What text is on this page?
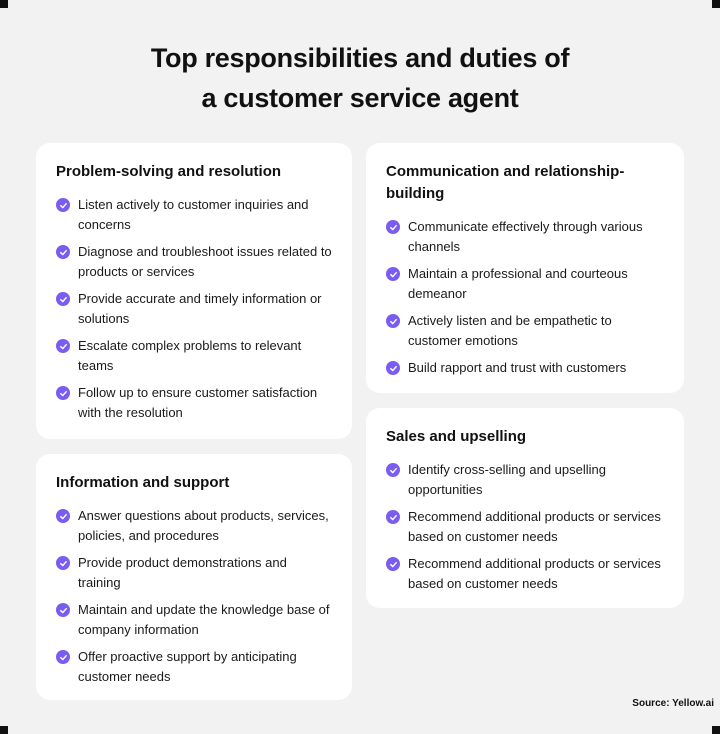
Top responsibilities and duties of
a customer service agent
Problem-solving and resolution
Listen actively to customer inquiries and concerns
Diagnose and troubleshoot issues related to products or services
Provide accurate and timely information or solutions
Escalate complex problems to relevant teams
Follow up to ensure customer satisfaction with the resolution
Information and support
Answer questions about products, services, policies, and procedures
Provide product demonstrations and training
Maintain and update the knowledge base of company information
Offer proactive support by anticipating customer needs
Communication and relationship-building
Communicate effectively through various channels
Maintain a professional and courteous demeanor
Actively listen and be empathetic to customer emotions
Build rapport and trust with customers
Sales and upselling
Identify cross-selling and upselling opportunities
Recommend additional products or services based on customer needs
Recommend additional products or services based on customer needs
Source: Yellow.ai
